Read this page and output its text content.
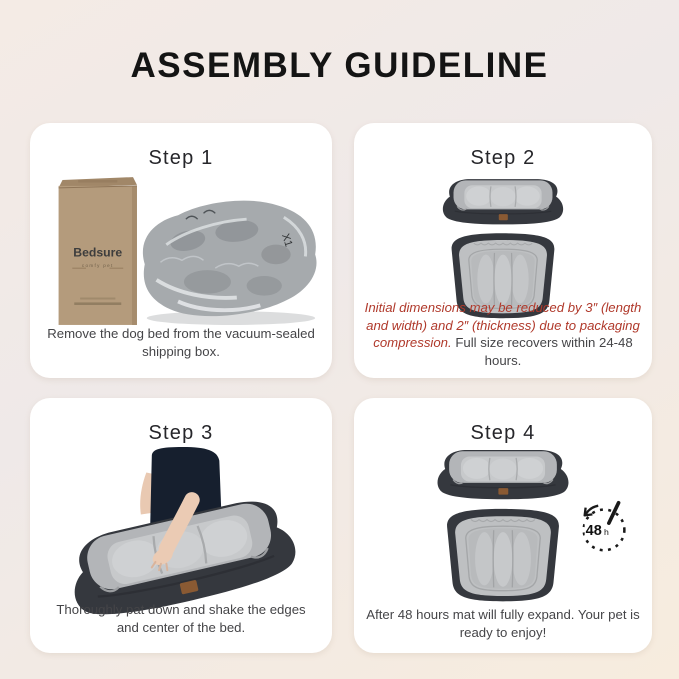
ASSEMBLY GUIDELINE
Step 1
Bedsure
comfy pet
X1

Remove the dog bed from the vacuum-sealed shipping box.

Step 2

Initial dimensions may be reduced by 3″ (length and width) and 2″ (thickness) due to packaging compression. Full size recovers within 24-48 hours.

Step 3

Thoroughly pat down and shake the edges and center of the bed.

Step 4
48 h

After 48 hours mat will fully expand. Your pet is ready to enjoy!
